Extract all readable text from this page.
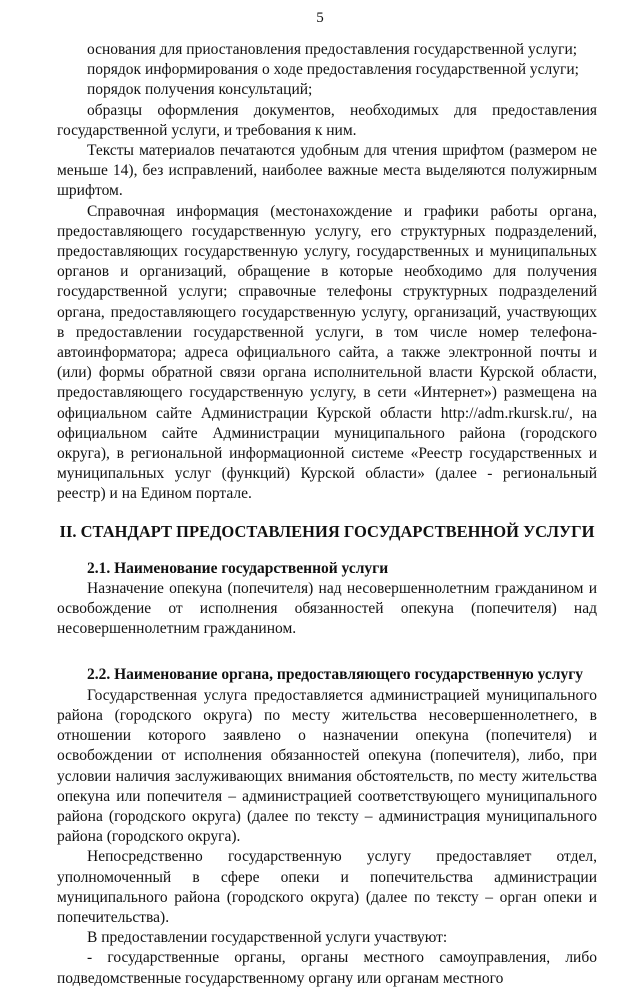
5

основания для приостановления предоставления государственной услуги;

порядок информирования о ходе предоставления государственной услуги;

порядок получения консультаций;

образцы оформления документов, необходимых для предоставления государственной услуги, и требования к ним.

Тексты материалов печатаются удобным для чтения шрифтом (размером не меньше 14), без исправлений, наиболее важные места выделяются полужирным шрифтом.

Справочная информация (местонахождение и графики работы органа, предоставляющего государственную услугу, его структурных подразделений, предоставляющих государственную услугу, государственных и муниципальных органов и организаций, обращение в которые необходимо для получения государственной услуги; справочные телефоны структурных подразделений органа, предоставляющего государственную услугу, организаций, участвующих в предоставлении государственной услуги, в том числе номер телефона-автоинформатора; адреса официального сайта, а также электронной почты и (или) формы обратной связи органа исполнительной власти Курской области, предоставляющего государственную услугу, в сети «Интернет») размещена на официальном сайте Администрации Курской области http://adm.rkursk.ru/, на официальном сайте Администрации муниципального района (городского округа), в региональной информационной системе «Реестр государственных и муниципальных услуг (функций) Курской области» (далее - региональный реестр) и на Едином портале.

II. СТАНДАРТ ПРЕДОСТАВЛЕНИЯ ГОСУДАРСТВЕННОЙ УСЛУГИ

2.1. Наименование государственной услуги

Назначение опекуна (попечителя) над несовершеннолетним гражданином и освобождение от исполнения обязанностей опекуна (попечителя) над несовершеннолетним гражданином.

2.2. Наименование органа, предоставляющего государственную услугу

Государственная услуга предоставляется администрацией муниципального района (городского округа) по месту жительства несовершеннолетнего, в отношении которого заявлено о назначении опекуна (попечителя) и освобождении от исполнения обязанностей опекуна (попечителя), либо, при условии наличия заслуживающих внимания обстоятельств, по месту жительства опекуна или попечителя – администрацией соответствующего муниципального района (городского округа) (далее по тексту – администрация муниципального района (городского округа).

Непосредственно государственную услугу предоставляет отдел, уполномоченный в сфере опеки и попечительства администрации муниципального района (городского округа) (далее по тексту – орган опеки и попечительства).

В предоставлении государственной услуги участвуют:

- государственные органы, органы местного самоуправления, либо подведомственные государственному органу или органам местного
